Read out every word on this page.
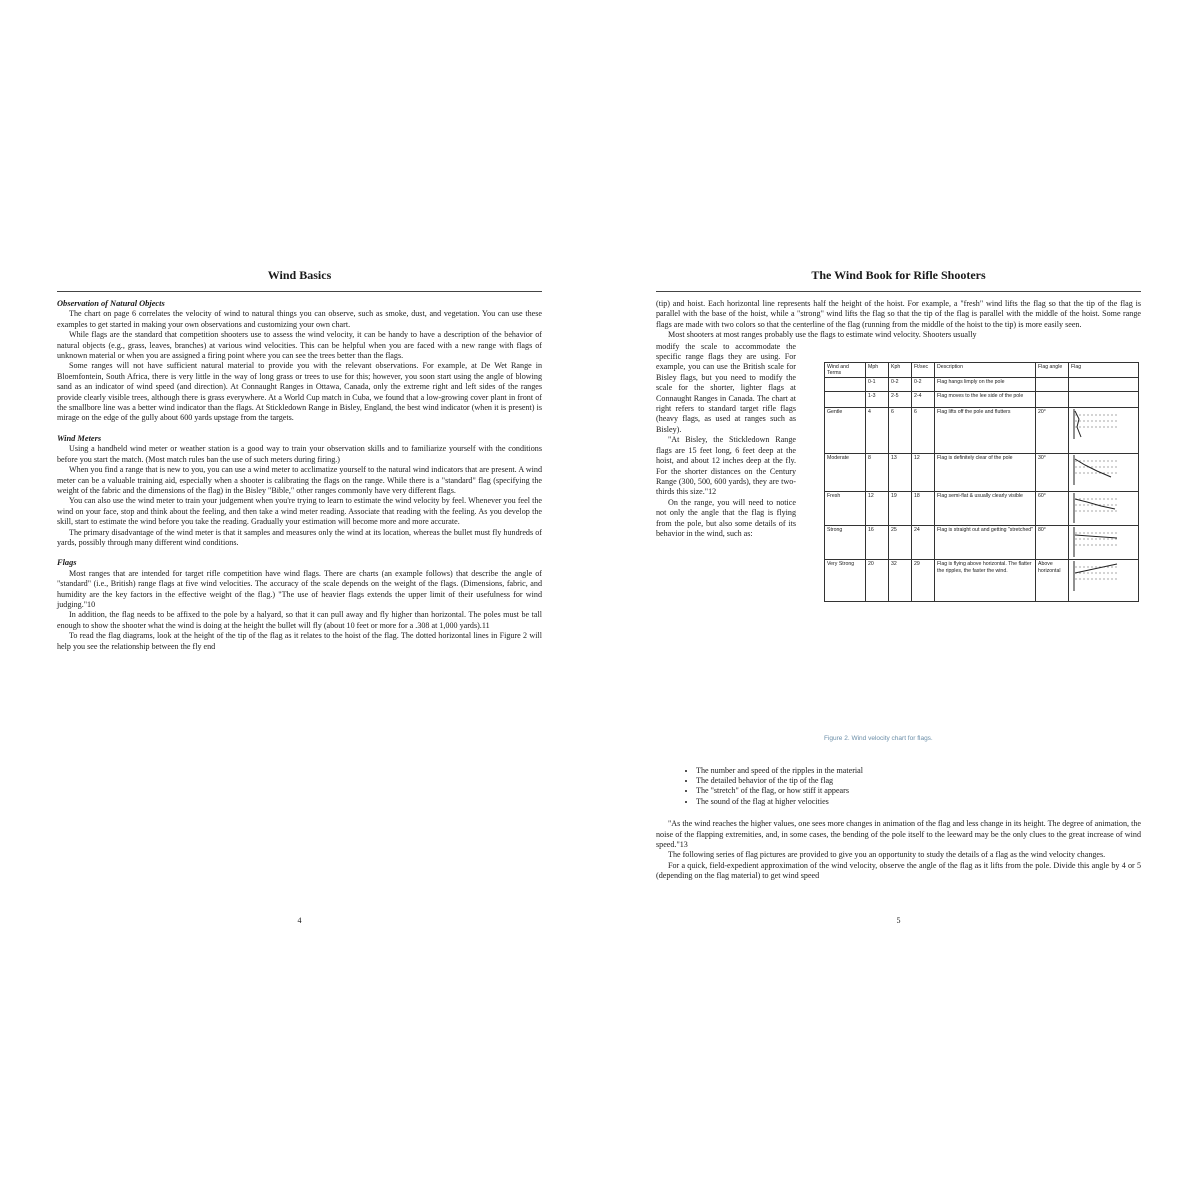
Wind Basics
Observation of Natural Objects

The chart on page 6 correlates the velocity of wind to natural things you can observe, such as smoke, dust, and vegetation. You can use these examples to get started in making your own observations and customizing your own chart.

While flags are the standard that competition shooters use to assess the wind velocity, it can be handy to have a description of the behavior of natural objects (e.g., grass, leaves, branches) at various wind velocities. This can be helpful when you are faced with a new range with flags of unknown material or when you are assigned a firing point where you can see the trees better than the flags.

Some ranges will not have sufficient natural material to provide you with the relevant observations. For example, at De Wet Range in Bloemfontein, South Africa, there is very little in the way of long grass or trees to use for this; however, you soon start using the angle of blowing sand as an indicator of wind speed (and direction). At Connaught Ranges in Ottawa, Canada, only the extreme right and left sides of the ranges provide clearly visible trees, although there is grass everywhere. At a World Cup match in Cuba, we found that a low-growing cover plant in front of the smallbore line was a better wind indicator than the flags. At Stickledown Range in Bisley, England, the best wind indicator (when it is present) is mirage on the edge of the gully about 600 yards upstage from the targets.

Wind Meters

Using a handheld wind meter or weather station is a good way to train your observation skills and to familiarize yourself with the conditions before you start the match. (Most match rules ban the use of such meters during firing.)

When you find a range that is new to you, you can use a wind meter to acclimatize yourself to the natural wind indicators that are present. A wind meter can be a valuable training aid, especially when a shooter is calibrating the flags on the range. While there is a "standard" flag (specifying the weight of the fabric and the dimensions of the flag) in the Bisley "Bible," other ranges commonly have very different flags.

You can also use the wind meter to train your judgement when you're trying to learn to estimate the wind velocity by feel. Whenever you feel the wind on your face, stop and think about the feeling, and then take a wind meter reading. Associate that reading with the feeling. As you develop the skill, start to estimate the wind before you take the reading. Gradually your estimation will become more and more accurate.

The primary disadvantage of the wind meter is that it samples and measures only the wind at its location, whereas the bullet must fly hundreds of yards, possibly through many different wind conditions.

Flags

Most ranges that are intended for target rifle competition have wind flags. There are charts (an example follows) that describe the angle of "standard" (i.e., British) range flags at five wind velocities. The accuracy of the scale depends on the weight of the flags. (Dimensions, fabric, and humidity are the key factors in the effective weight of the flag.) "The use of heavier flags extends the upper limit of their usefulness for wind judging."10

In addition, the flag needs to be affixed to the pole by a halyard, so that it can pull away and fly higher than horizontal. The poles must be tall enough to show the shooter what the wind is doing at the height the bullet will fly (about 10 feet or more for a .308 at 1,000 yards).11

To read the flag diagrams, look at the height of the tip of the flag as it relates to the hoist of the flag. The dotted horizontal lines in Figure 2 will help you see the relationship between the fly end

4
The Wind Book for Rifle Shooters

(tip) and hoist. Each horizontal line represents half the height of the hoist. For example, a "fresh" wind lifts the flag so that the tip of the flag is parallel with the base of the hoist, while a "strong" wind lifts the flag so that the tip of the flag is parallel with the middle of the hoist. Some range flags are made with two colors so that the centerline of the flag (running from the middle of the hoist to the tip) is more easily seen.

Most shooters at most ranges probably use the flags to estimate wind velocity. Shooters usually

modify the scale to accommodate the specific range flags they are using. For example, you can use the British scale for Bisley flags, but you need to modify the scale for the shorter, lighter flags at Connaught Ranges in Canada. The chart at right refers to standard target rifle flags (heavy flags, as used at ranges such as Bisley).

"At Bisley, the Stickledown Range flags are 15 feet long, 6 feet deep at the hoist, and about 12 inches deep at the fly. For the shorter distances on the Century Range (300, 500, 600 yards), they are two-thirds this size."12

On the range, you will need to notice not only the angle that the flag is flying from the pole, but also some details of its behavior in the wind, such as:

Wind and Terms	Mph	Kph	Ft/sec	Description	Flag angle	Flag
	0-1	0-2	0-2	Flag hangs limply on the pole		
	1-3	2-5	2-4	Flag moves to the lee side of the pole		
Gentle	4	6	6	Flag lifts off the pole and flutters	20°	

Moderate	8	13	12	Flag is definitely clear of the pole	30°	

Fresh	12	19	18	Flag semi-flat & usually clearly visible	60°	

Strong	16	25	24	Flag is straight out and getting "stretched"	80°	

Very Strong	20	32	29	Flag is flying above horizontal. The flatter the ripples, the faster the wind.	Above horizontal	
Figure 2. Wind velocity chart for flags.
• The number and speed of the ripples in the material
• The detailed behavior of the tip of the flag
• The "stretch" of the flag, or how stiff it appears
• The sound of the flag at higher velocities

"As the wind reaches the higher values, one sees more changes in animation of the flag and less change in its height. The degree of animation, the noise of the flapping extremities, and, in some cases, the bending of the pole itself to the leeward may be the only clues to the great increase of wind speed."13

The following series of flag pictures are provided to give you an opportunity to study the details of a flag as the wind velocity changes.

For a quick, field-expedient approximation of the wind velocity, observe the angle of the flag as it lifts from the pole. Divide this angle by 4 or 5 (depending on the flag material) to get wind speed

5
